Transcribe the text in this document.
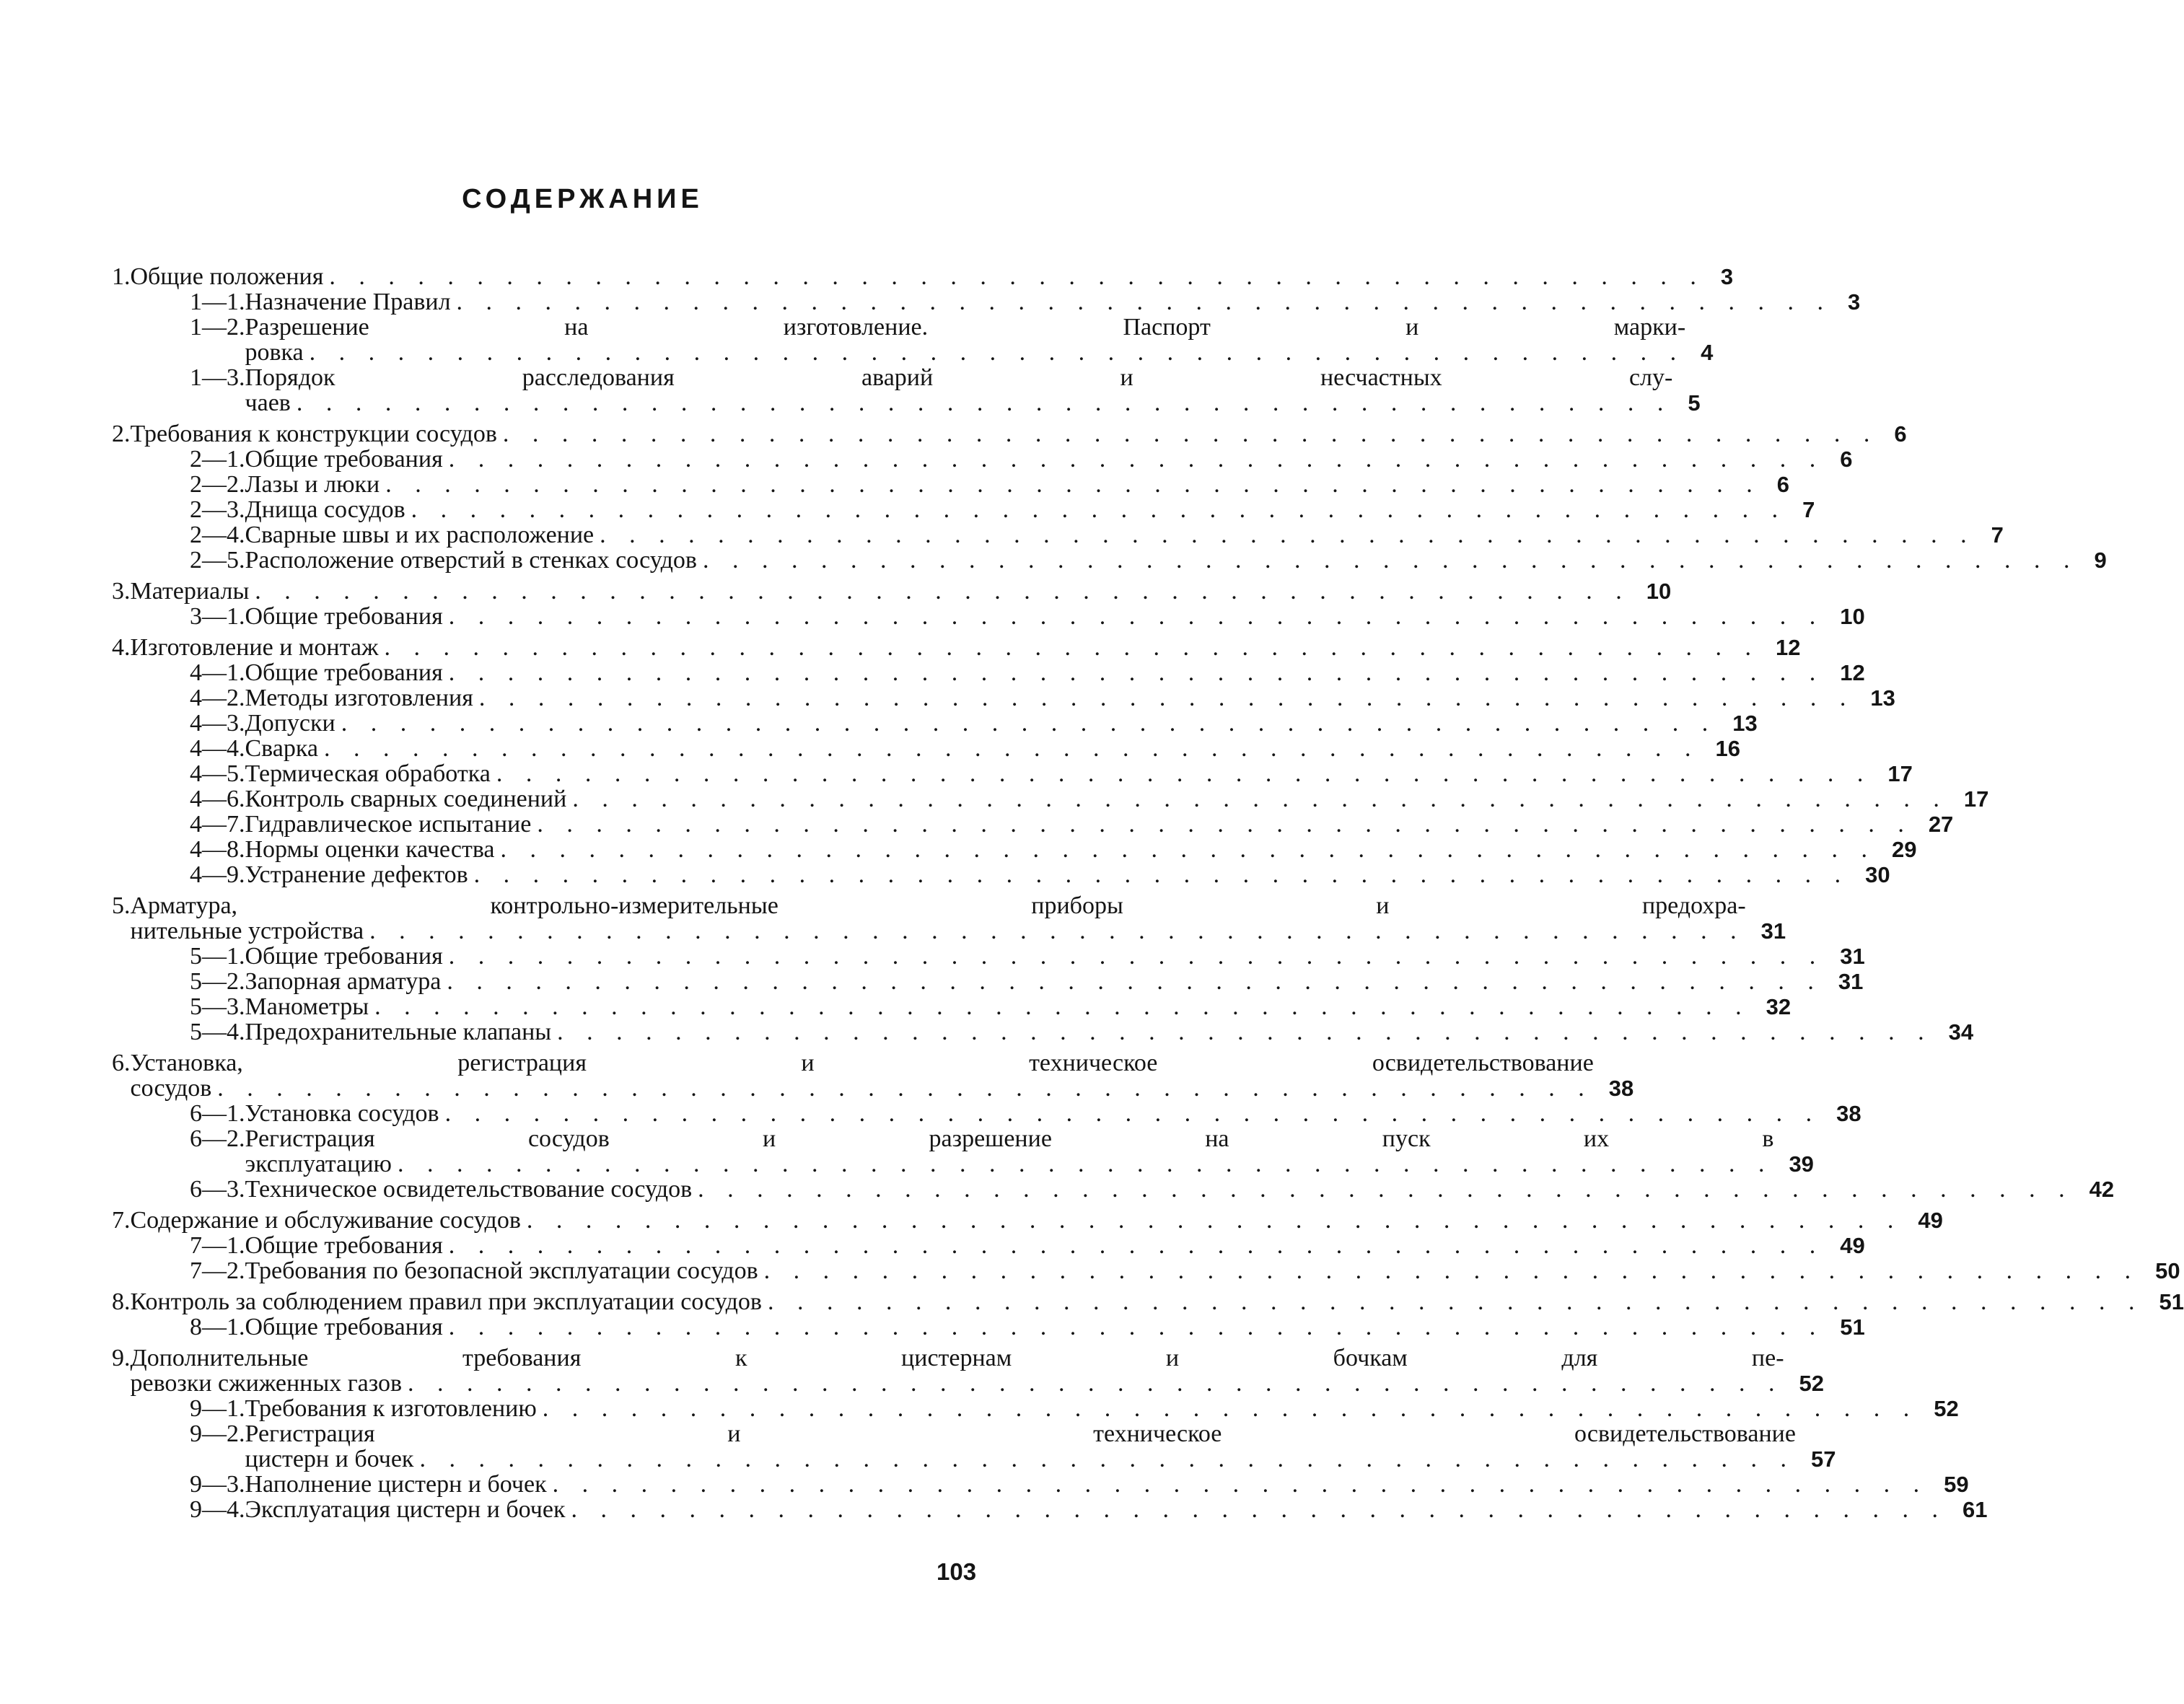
СОДЕРЖАНИЕ
1. Общие положения . . . . . . . . . . . . . . . . . . . . . . . . . . . . . . . . . . . . . . . . . . . . . . . 3
1—1. Назначение Правил . . . . . . . . . . . . . . . . . . . . . . . . . . . . . . . . . . . . . . . . . . . . . . . 3
1—2. Разрешение на изготовление. Паспорт и марки-
ровка . . . . . . . . . . . . . . . . . . . . . . . . . . . . . . . . . . . . . . . . . . . . . . . 4
1—3. Порядок расследования аварий и несчастных слу-
чаев . . . . . . . . . . . . . . . . . . . . . . . . . . . . . . . . . . . . . . . . . . . . . . . 5
2. Требования к конструкции сосудов . . . . . . . . . . . . . . . . . . . . . . . . . . . . . . . . . . . . . . . . . . . . . . . 6
2—1. Общие требования . . . . . . . . . . . . . . . . . . . . . . . . . . . . . . . . . . . . . . . . . . . . . . . 6
2—2. Лазы и люки . . . . . . . . . . . . . . . . . . . . . . . . . . . . . . . . . . . . . . . . . . . . . . . 6
2—3. Днища сосудов . . . . . . . . . . . . . . . . . . . . . . . . . . . . . . . . . . . . . . . . . . . . . . . 7
2—4. Сварные швы и их расположение . . . . . . . . . . . . . . . . . . . . . . . . . . . . . . . . . . . . . . . . . . . . . . . 7
2—5. Расположение отверстий в стенках сосудов . . . . . . . . . . . . . . . . . . . . . . . . . . . . . . . . . . . . . . . . . . . . . . . 9
3. Материалы . . . . . . . . . . . . . . . . . . . . . . . . . . . . . . . . . . . . . . . . . . . . . . . 10
3—1. Общие требования . . . . . . . . . . . . . . . . . . . . . . . . . . . . . . . . . . . . . . . . . . . . . . . 10
4. Изготовление и монтаж . . . . . . . . . . . . . . . . . . . . . . . . . . . . . . . . . . . . . . . . . . . . . . . 12
4—1. Общие требования . . . . . . . . . . . . . . . . . . . . . . . . . . . . . . . . . . . . . . . . . . . . . . . 12
4—2. Методы изготовления . . . . . . . . . . . . . . . . . . . . . . . . . . . . . . . . . . . . . . . . . . . . . . . 13
4—3. Допуски . . . . . . . . . . . . . . . . . . . . . . . . . . . . . . . . . . . . . . . . . . . . . . . 13
4—4. Сварка . . . . . . . . . . . . . . . . . . . . . . . . . . . . . . . . . . . . . . . . . . . . . . . 16
4—5. Термическая обработка . . . . . . . . . . . . . . . . . . . . . . . . . . . . . . . . . . . . . . . . . . . . . . . 17
4—6. Контроль сварных соединений . . . . . . . . . . . . . . . . . . . . . . . . . . . . . . . . . . . . . . . . . . . . . . . 17
4—7. Гидравлическое испытание . . . . . . . . . . . . . . . . . . . . . . . . . . . . . . . . . . . . . . . . . . . . . . . 27
4—8. Нормы оценки качества . . . . . . . . . . . . . . . . . . . . . . . . . . . . . . . . . . . . . . . . . . . . . . . 29
4—9. Устранение дефектов . . . . . . . . . . . . . . . . . . . . . . . . . . . . . . . . . . . . . . . . . . . . . . . 30
5. Арматура, контрольно-измерительные приборы и предохра-
нительные устройства . . . . . . . . . . . . . . . . . . . . . . . . . . . . . . . . . . . . . . . . . . . . . . . 31
5—1. Общие требования . . . . . . . . . . . . . . . . . . . . . . . . . . . . . . . . . . . . . . . . . . . . . . . 31
5—2. Запорная арматура . . . . . . . . . . . . . . . . . . . . . . . . . . . . . . . . . . . . . . . . . . . . . . . 31
5—3. Манометры . . . . . . . . . . . . . . . . . . . . . . . . . . . . . . . . . . . . . . . . . . . . . . . 32
5—4. Предохранительные клапаны . . . . . . . . . . . . . . . . . . . . . . . . . . . . . . . . . . . . . . . . . . . . . . . 34
6. Установка, регистрация и техническое освидетельствование
сосудов . . . . . . . . . . . . . . . . . . . . . . . . . . . . . . . . . . . . . . . . . . . . . . . 38
6—1. Установка сосудов . . . . . . . . . . . . . . . . . . . . . . . . . . . . . . . . . . . . . . . . . . . . . . . 38
6—2. Регистрация сосудов и разрешение на пуск их в
эксплуатацию . . . . . . . . . . . . . . . . . . . . . . . . . . . . . . . . . . . . . . . . . . . . . . . 39
6—3. Техническое освидетельствование сосудов . . . . . . . . . . . . . . . . . . . . . . . . . . . . . . . . . . . . . . . . . . . . . . . 42
7. Содержание и обслуживание сосудов . . . . . . . . . . . . . . . . . . . . . . . . . . . . . . . . . . . . . . . . . . . . . . . 49
7—1. Общие требования . . . . . . . . . . . . . . . . . . . . . . . . . . . . . . . . . . . . . . . . . . . . . . . 49
7—2. Требования по безопасной эксплуатации сосудов . . . . . . . . . . . . . . . . . . . . . . . . . . . . . . . . . . . . . . . . . . . . . . . 50
8. Контроль за соблюдением правил при эксплуатации сосудов . . . . . . . . . . . . . . . . . . . . . . . . . . . . . . . . . . . . . . . . . . . . . . . 51
8—1. Общие требования . . . . . . . . . . . . . . . . . . . . . . . . . . . . . . . . . . . . . . . . . . . . . . . 51
9. Дополнительные требования к цистернам и бочкам для пе-
ревозки сжиженных газов . . . . . . . . . . . . . . . . . . . . . . . . . . . . . . . . . . . . . . . . . . . . . . . 52
9—1. Требования к изготовлению . . . . . . . . . . . . . . . . . . . . . . . . . . . . . . . . . . . . . . . . . . . . . . . 52
9—2. Регистрация и техническое освидетельствование
цистерн и бочек . . . . . . . . . . . . . . . . . . . . . . . . . . . . . . . . . . . . . . . . . . . . . . . 57
9—3. Наполнение цистерн и бочек . . . . . . . . . . . . . . . . . . . . . . . . . . . . . . . . . . . . . . . . . . . . . . . 59
9—4. Эксплуатация цистерн и бочек . . . . . . . . . . . . . . . . . . . . . . . . . . . . . . . . . . . . . . . . . . . . . . . 61
103
